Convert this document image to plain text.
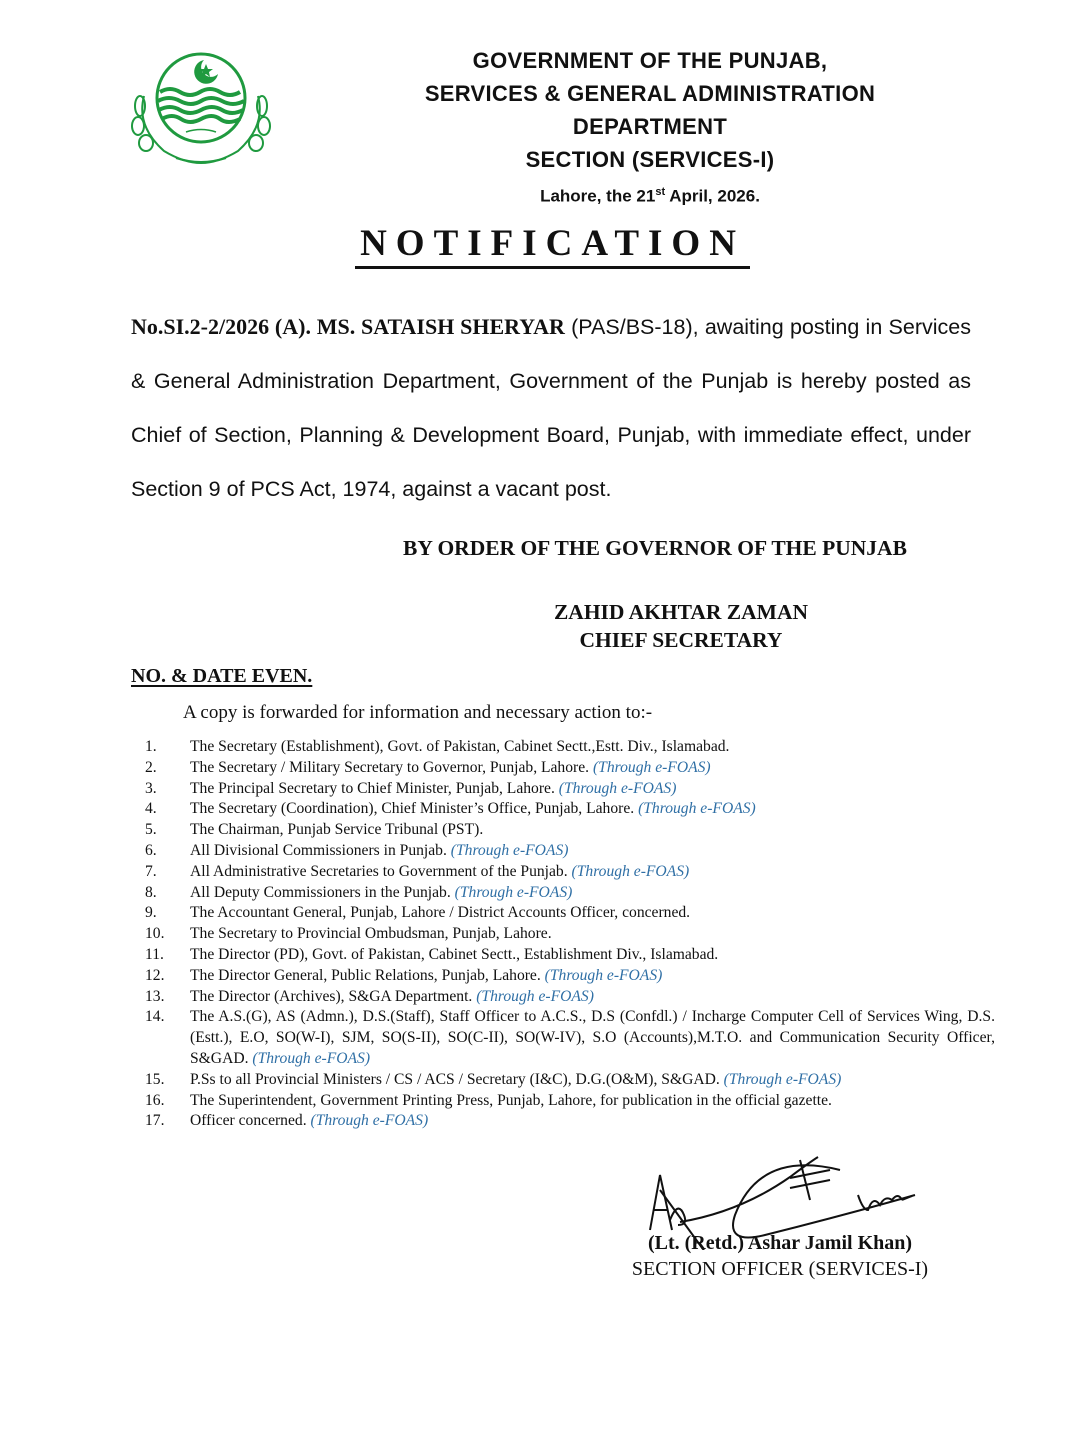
GOVERNMENT OF THE PUNJAB,
SERVICES & GENERAL ADMINISTRATION
DEPARTMENT
SECTION (SERVICES-I)
Lahore, the 21st April, 2026.
NOTIFICATION
No.SI.2-2/2026 (A). MS. SATAISH SHERYAR (PAS/BS-18), awaiting posting in Services & General Administration Department, Government of the Punjab is hereby posted as Chief of Section, Planning & Development Board, Punjab, with immediate effect, under Section 9 of PCS Act, 1974, against a vacant post.
BY ORDER OF THE GOVERNOR OF THE PUNJAB
ZAHID AKHTAR ZAMAN
CHIEF SECRETARY
NO. & DATE EVEN.
A copy is forwarded for information and necessary action to:-
1.	The Secretary (Establishment), Govt. of Pakistan, Cabinet Sectt.,Estt. Div., Islamabad.
2.	The Secretary / Military Secretary to Governor, Punjab, Lahore. (Through e-FOAS)
3.	The Principal Secretary to Chief Minister, Punjab, Lahore. (Through e-FOAS)
4.	The Secretary (Coordination), Chief Minister’s Office, Punjab, Lahore. (Through e-FOAS)
5.	The Chairman, Punjab Service Tribunal (PST).
6.	All Divisional Commissioners in Punjab. (Through e-FOAS)
7.	All Administrative Secretaries to Government of the Punjab. (Through e-FOAS)
8.	All Deputy Commissioners in the Punjab. (Through e-FOAS)
9.	The Accountant General, Punjab, Lahore / District Accounts Officer, concerned.
10.	The Secretary to Provincial Ombudsman, Punjab, Lahore.
11.	The Director (PD), Govt. of Pakistan, Cabinet Sectt., Establishment Div., Islamabad.
12.	The Director General, Public Relations, Punjab, Lahore. (Through e-FOAS)
13.	The Director (Archives), S&GA Department. (Through e-FOAS)
14.	The A.S.(G), AS (Admn.), D.S.(Staff), Staff Officer to A.C.S., D.S (Confdl.) / Incharge Computer Cell of Services Wing, D.S.(Estt.), E.O, SO(W-I), SJM, SO(S-II), SO(C-II), SO(W-IV), S.O (Accounts),M.T.O. and Communication Security Officer, S&GAD. (Through e-FOAS)
15.	P.Ss to all Provincial Ministers / CS / ACS / Secretary (I&C), D.G.(O&M), S&GAD. (Through e-FOAS)
16.	The Superintendent, Government Printing Press, Punjab, Lahore, for publication in the official gazette.
17.	Officer concerned. (Through e-FOAS)
(Lt. (Retd.) Ashar Jamil Khan)
SECTION OFFICER (SERVICES-I)
